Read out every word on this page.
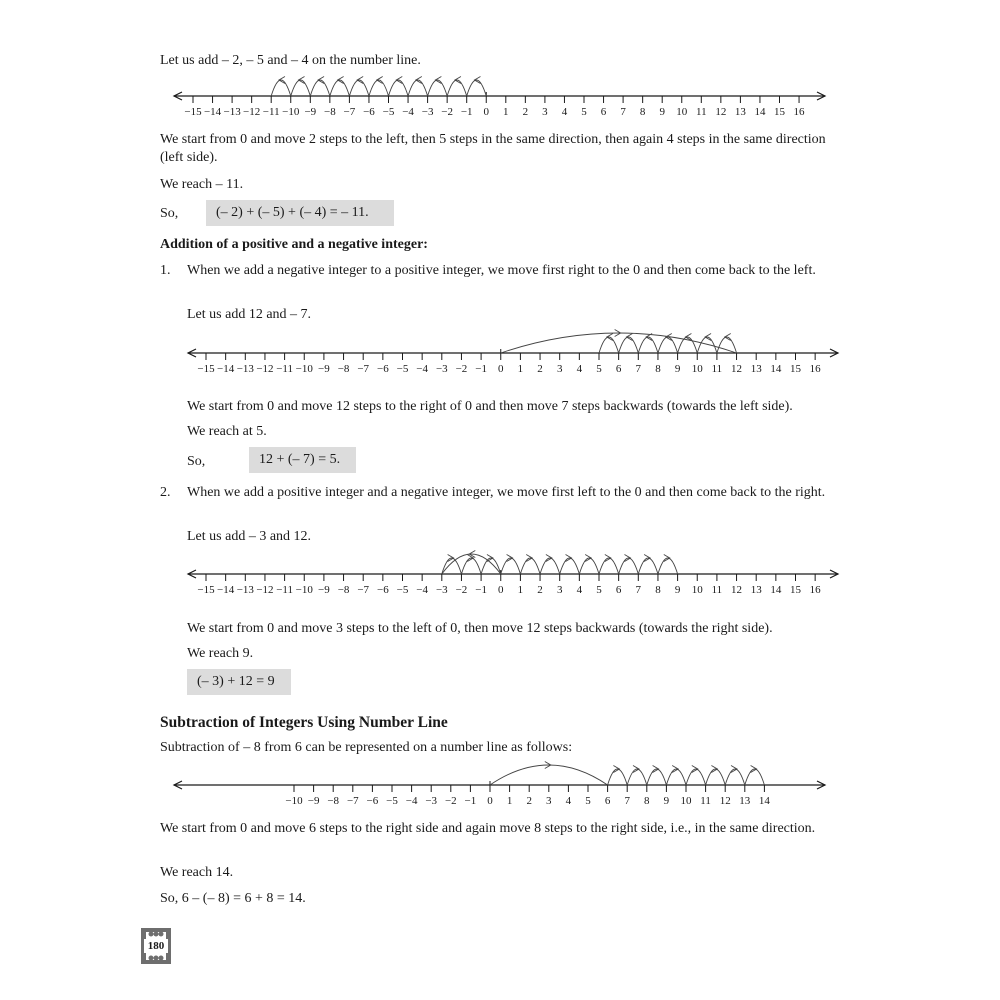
Let us add – 2, – 5 and – 4 on the number line.
−15 −14 −13 −12 −11 −10 −9 −8 −7 −6 −5 −4 −3 −2 −1 0 1 2 3 4 5 6 7 8 9 10 11 12 13 14 15 16
We start from 0 and move 2 steps to the left, then 5 steps in the same direction, then again 4 steps in the same direction (left side).
We reach – 11.
So,	(– 2) + (– 5) + (– 4) = – 11.
Addition of a positive and a negative integer:
1. When we add a negative integer to a positive integer, we move first right to the 0 and then come back to the left.
Let us add 12 and – 7.
−15 −14 −13 −12 −11 −10 −9 −8 −7 −6 −5 −4 −3 −2 −1 0 1 2 3 4 5 6 7 8 9 10 11 12 13 14 15 16
We start from 0 and move 12 steps to the right of 0 and then move 7 steps backwards (towards the left side).
We reach at 5.
So,	12 + (– 7) = 5.
2. When we add a positive integer and a negative integer, we move first left to the 0 and then come back to the right.
Let us add – 3 and 12.
−15 −14 −13 −12 −11 −10 −9 −8 −7 −6 −5 −4 −3 −2 −1 0 1 2 3 4 5 6 7 8 9 10 11 12 13 14 15 16
We start from 0 and move 3 steps to the left of 0, then move 12 steps backwards (towards the right side).
We reach 9.
(– 3) + 12 = 9
Subtraction of Integers Using Number Line
Subtraction of – 8 from 6 can be represented on a number line as follows:
−10 −9 −8 −7 −6 −5 −4 −3 −2 −1 0 1 2 3 4 5 6 7 8 9 10 11 12 13 14
We start from 0 and move 6 steps to the right side and again move 8 steps to the right side, i.e., in the same direction.
We reach 14.
So, 6 – (– 8) = 6 + 8 = 14.
180
